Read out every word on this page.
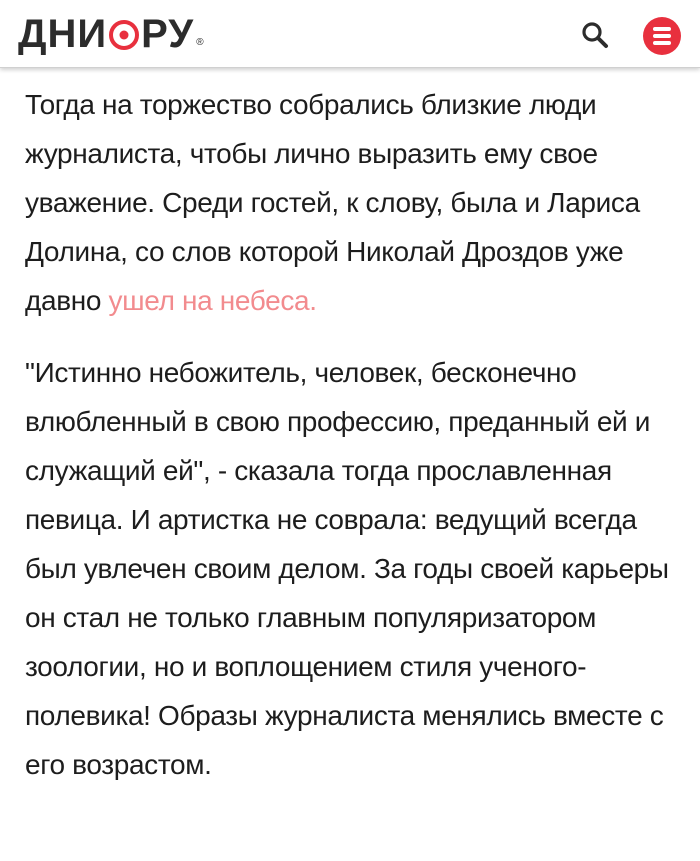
ДНИ РУ ®

Тогда на торжество собрались близкие люди журналиста, чтобы лично выразить ему свое уважение. Среди гостей, к слову, была и Лариса Долина, со слов которой Николай Дроздов уже давно ушел на небеса.

"Истинно небожитель, человек, бесконечно влюбленный в свою профессию, преданный ей и служащий ей", - сказала тогда прославленная певица. И артистка не соврала: ведущий всегда был увлечен своим делом. За годы своей карьеры он стал не только главным популяризатором зоологии, но и воплощением стиля ученого-полевика! Образы журналиста менялись вместе с его возрастом.
